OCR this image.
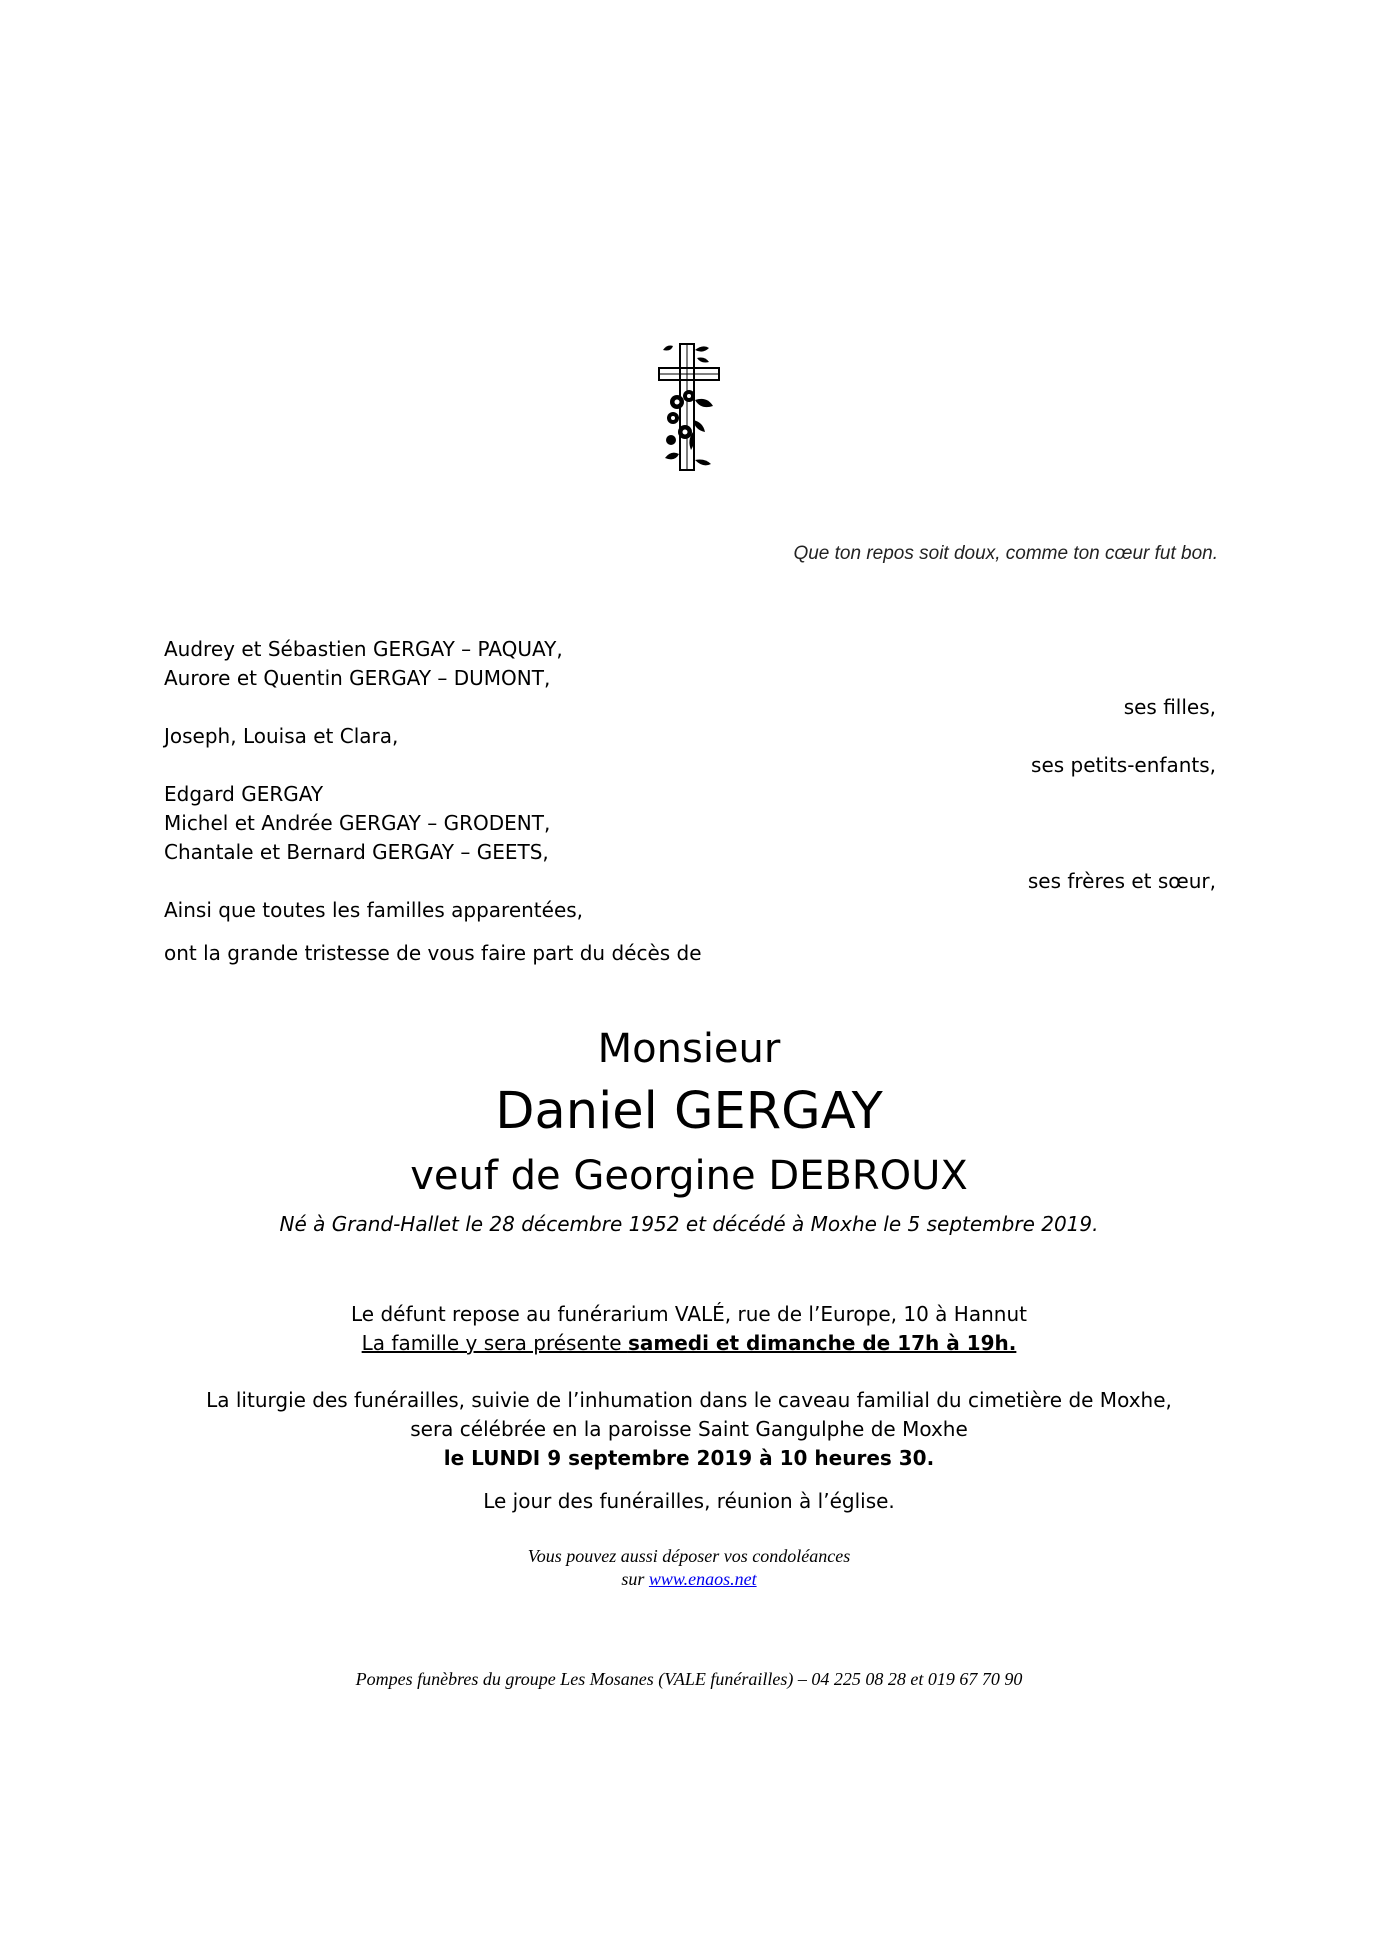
Que ton repos soit doux, comme ton cœur fut bon.
Audrey et Sébastien GERGAY – PAQUAY,
Aurore et Quentin GERGAY – DUMONT,
ses filles,
Joseph, Louisa et Clara,
ses petits-enfants,
Edgard GERGAY
Michel et Andrée GERGAY – GRODENT,
Chantale et Bernard GERGAY – GEETS,
ses frères et sœur,
Ainsi que toutes les familles apparentées,
ont la grande tristesse de vous faire part du décès de
Monsieur
Daniel GERGAY
veuf de Georgine DEBROUX
Né à Grand-Hallet le 28 décembre 1952 et décédé à Moxhe le 5 septembre 2019.
Le défunt repose au funérarium VALÉ, rue de l’Europe, 10 à Hannut
La famille y sera présente samedi et dimanche de 17h à 19h.
La liturgie des funérailles, suivie de l’inhumation dans le caveau familial du cimetière de Moxhe,
sera célébrée en la paroisse Saint Gangulphe de Moxhe
le LUNDI 9 septembre 2019 à 10 heures 30.
Le jour des funérailles, réunion à l’église.
Vous pouvez aussi déposer vos condoléances
sur www.enaos.net
Pompes funèbres du groupe Les Mosanes (VALE funérailles) – 04 225 08 28 et 019 67 70 90
